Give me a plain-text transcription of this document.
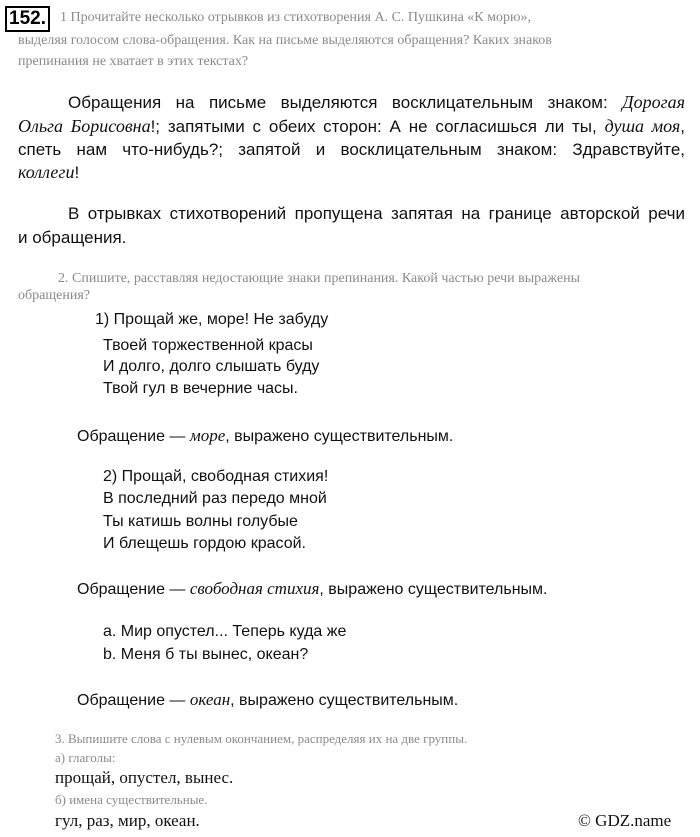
152. 1 Прочитайте несколько отрывков из стихотворения А. С. Пушкина «К морю»,
выделяя голосом слова-обращения. Как на письме выделяются обращения? Каких знаков
препинания не хватает в этих текстах?
Обращения на письме выделяются восклицательным знаком: Дорогая
Ольга Борисовна!; запятыми с обеих сторон: А не согласишься ли ты, душа моя,
спеть нам что-нибудь?; запятой и восклицательным знаком: Здравствуйте,
коллеги!
В отрывках стихотворений пропущена запятая на границе авторской речи
и обращения.
2. Спишите, расставляя недостающие знаки препинания. Какой частью речи выражены
обращения?
1) Прощай же, море! Не забуду
Твоей торжественной красы
И долго, долго слышать буду
Твой гул в вечерние часы.
Обращение — море, выражено существительным.
2) Прощай, свободная стихия!
В последний раз передо мной
Ты катишь волны голубые
И блещешь гордою красой.
Обращение — свободная стихия, выражено существительным.
a. Мир опустел... Теперь куда же
b. Меня б ты вынес, океан?
Обращение — океан, выражено существительным.
3. Выпишите слова с нулевым окончанием, распределяя их на две группы.
а) глаголы:
прощай, опустел, вынес.
б) имена существительные.
гул, раз, мир, океан.	© GDZ.name
